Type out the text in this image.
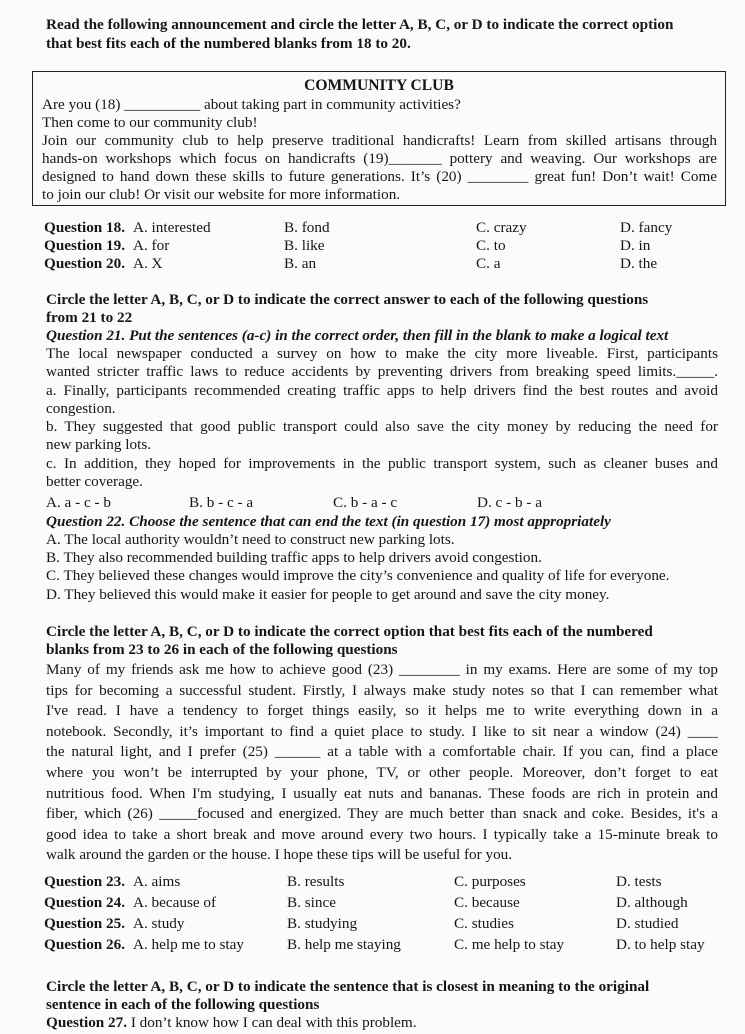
Read the following announcement and circle the letter A, B, C, or D to indicate the correct option
that best fits each of the numbered blanks from 18 to 20.
COMMUNITY CLUB
Are you (18) __________ about taking part in community activities?
Then come to our community club!
Join our community club to help preserve traditional handicrafts! Learn from skilled artisans through
hands-on workshops which focus on handicrafts (19)_______ pottery and weaving. Our workshops are
designed to hand down these skills to future generations. It’s (20) ________ great fun! Don’t wait! Come
to join our club! Or visit our website for more information.
Question 18. A. interested	B. fond	C. crazy	D. fancy
Question 19. A. for	B. like	C. to	D. in
Question 20. A. X	B. an	C. a	D. the
Circle the letter A, B, C, or D to indicate the correct answer to each of the following questions
from 21 to 22
Question 21. Put the sentences (a-c) in the correct order, then fill in the blank to make a logical text
The local newspaper conducted a survey on how to make the city more liveable. First, participants
wanted stricter traffic laws to reduce accidents by preventing drivers from breaking speed limits._____.
a. Finally, participants recommended creating traffic apps to help drivers find the best routes and avoid
congestion.
b. They suggested that good public transport could also save the city money by reducing the need for
new parking lots.
c. In addition, they hoped for improvements in the public transport system, such as cleaner buses and
better coverage.
A. a - c - b	B. b - c - a	C. b - a - c	D. c - b - a
Question 22. Choose the sentence that can end the text (in question 17) most appropriately
A. The local authority wouldn’t need to construct new parking lots.
B. They also recommended building traffic apps to help drivers avoid congestion.
C. They believed these changes would improve the city’s convenience and quality of life for everyone.
D. They believed this would make it easier for people to get around and save the city money.
Circle the letter A, B, C, or D to indicate the correct option that best fits each of the numbered
blanks from 23 to 26 in each of the following questions
Many of my friends ask me how to achieve good (23) ________ in my exams. Here are some of my top
tips for becoming a successful student. Firstly, I always make study notes so that I can remember what
I've read. I have a tendency to forget things easily, so it helps me to write everything down in a
notebook. Secondly, it’s important to find a quiet place to study. I like to sit near a window (24) ____
the natural light, and I prefer (25) ______ at a table with a comfortable chair. If you can, find a place
where you won’t be interrupted by your phone, TV, or other people. Moreover, don’t forget to eat
nutritious food. When I'm studying, I usually eat nuts and bananas. These foods are rich in protein and
fiber, which (26) _____focused and energized. They are much better than snack and coke. Besides, it's a
good idea to take a short break and move around every two hours. I typically take a 15-minute break to
walk around the garden or the house. I hope these tips will be useful for you.
Question 23. A. aims	B. results	C. purposes	D. tests
Question 24. A. because of	B. since	C. because	D. although
Question 25. A. study	B. studying	C. studies	D. studied
Question 26. A. help me to stay	B. help me staying	C. me help to stay	D. to help stay
Circle the letter A, B, C, or D to indicate the sentence that is closest in meaning to the original
sentence in each of the following questions
Question 27. I don’t know how I can deal with this problem.
